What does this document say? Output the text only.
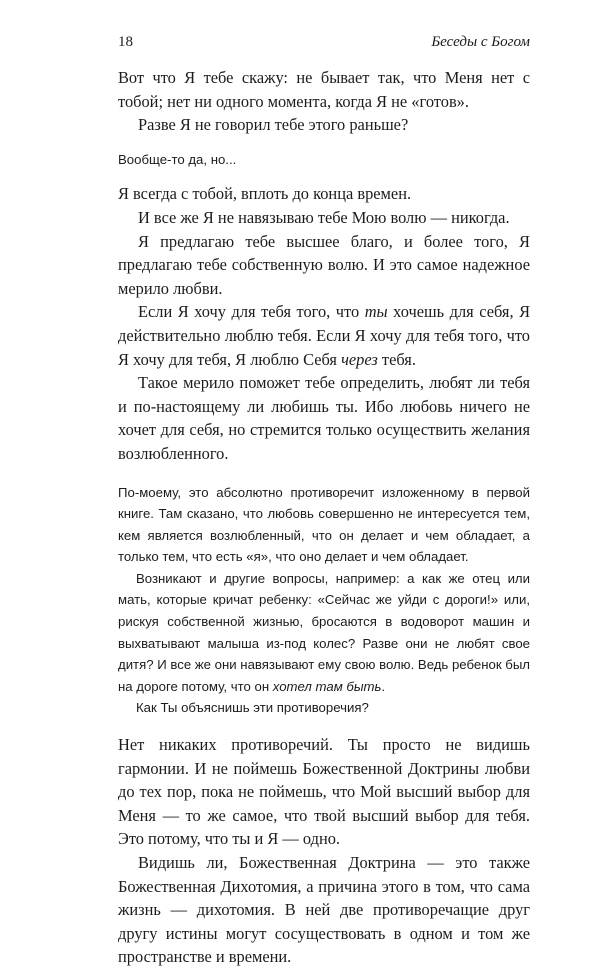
18	Беседы с Богом

Вот что Я тебе скажу: не бывает так, что Меня нет с тобой; нет ни одного момента, когда Я не «готов».

Разве Я не говорил тебе этого раньше?

Вообще-то да, но...

Я всегда с тобой, вплоть до конца времен.

И все же Я не навязываю тебе Мою волю — никогда.

Я предлагаю тебе высшее благо, и более того, Я предлагаю тебе собственную волю. И это самое надежное мерило любви.

Если Я хочу для тебя того, что ты хочешь для себя, Я действительно люблю тебя. Если Я хочу для тебя того, что Я хочу для тебя, Я люблю Себя через тебя.

Такое мерило поможет тебе определить, любят ли тебя и по-настоящему ли любишь ты. Ибо любовь ничего не хочет для себя, но стремится только осуществить желания возлюбленного.

По-моему, это абсолютно противоречит изложенному в первой книге. Там сказано, что любовь совершенно не интересуется тем, кем является возлюбленный, что он делает и чем обладает, а только тем, что есть «я», что оно делает и чем обладает.

Возникают и другие вопросы, например: а как же отец или мать, которые кричат ребенку: «Сейчас же уйди с дороги!» или, рискуя собственной жизнью, бросаются в водоворот машин и выхватывают малыша из-под колес? Разве они не любят свое дитя? И все же они навязывают ему свою волю. Ведь ребенок был на дороге потому, что он хотел там быть.

Как Ты объяснишь эти противоречия?

Нет никаких противоречий. Ты просто не видишь гармонии. И не поймешь Божественной Доктрины любви до тех пор, пока не поймешь, что Мой высший выбор для Меня — то же самое, что твой высший выбор для тебя. Это потому, что ты и Я — одно.

Видишь ли, Божественная Доктрина — это также Божественная Дихотомия, а причина этого в том, что сама жизнь — дихотомия. В ней две противоречащие друг другу истины могут сосуществовать в одном и том же пространстве и времени.
